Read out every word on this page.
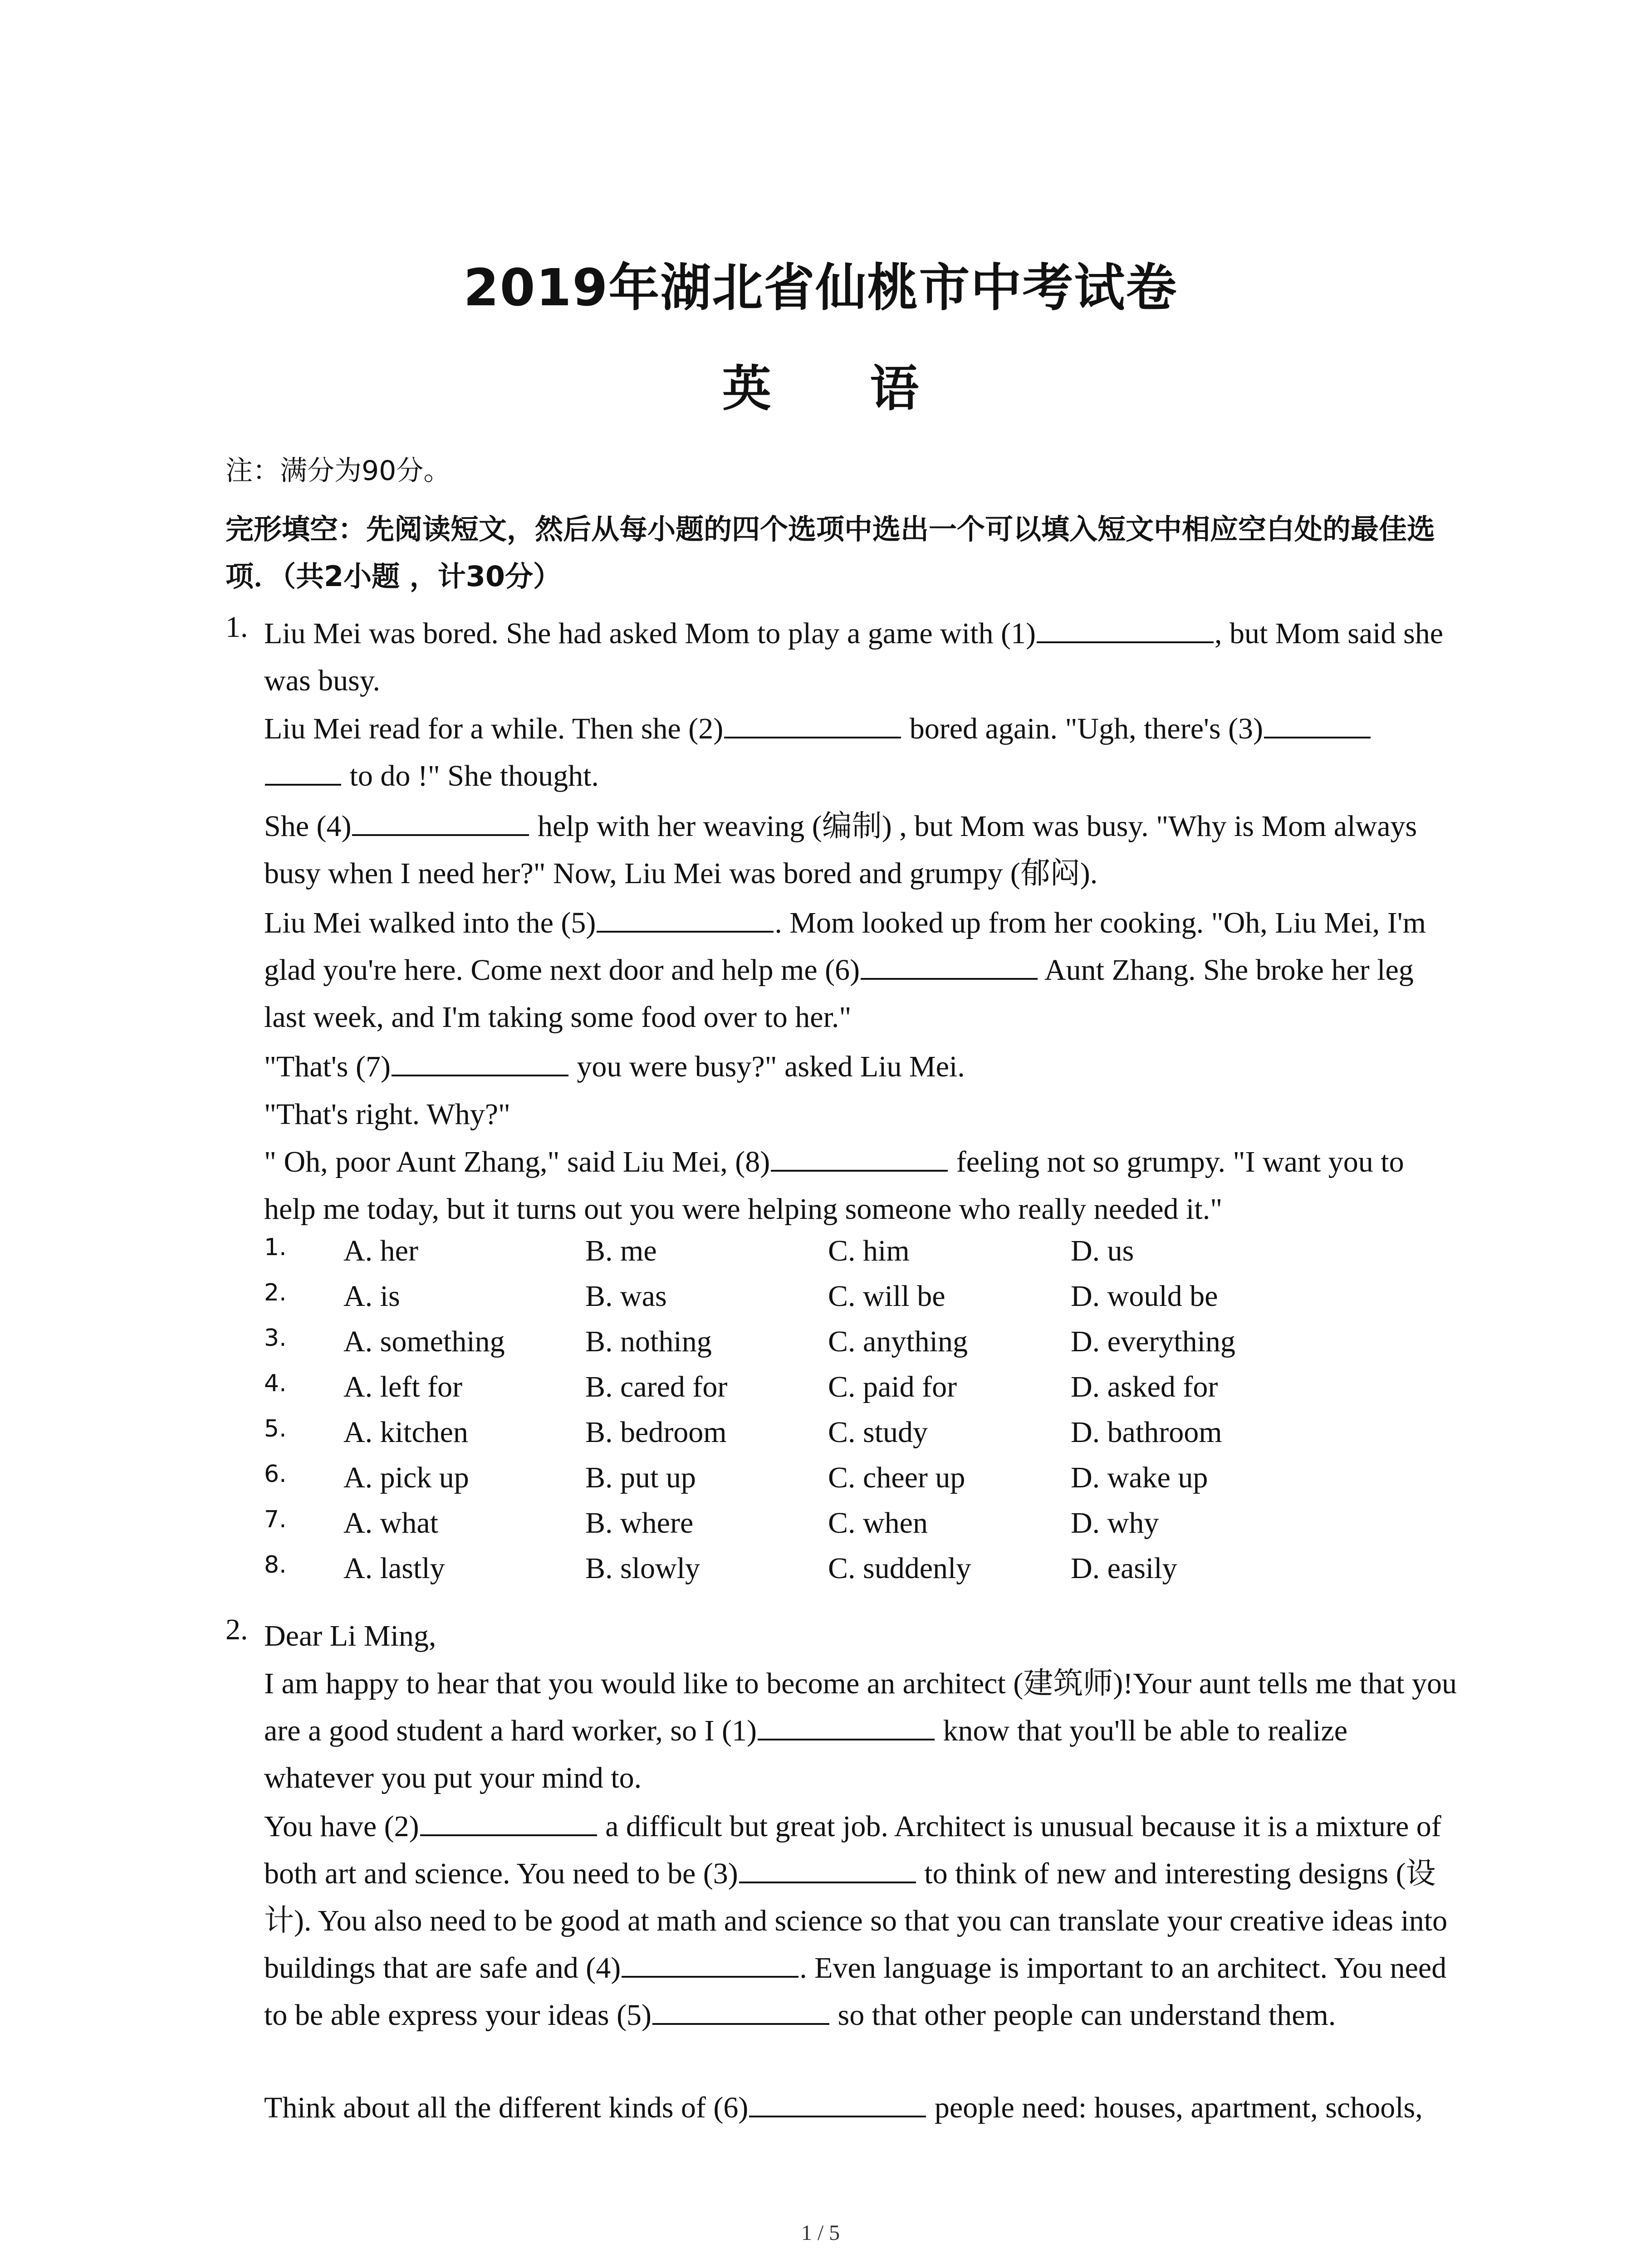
2019年湖北省仙桃市中考试卷
英 语
注：满分为90分。
完形填空：先阅读短文，然后从每小题的四个选项中选出一个可以填入短文中相应空白处的最佳选项．（共2小题 ，计30分）
1. Liu Mei was bored. She had asked Mom to play a game with (1)	, but Mom said she was busy.
Liu Mei read for a while. Then she (2)	bored again. "Ugh, there's (3)
to do !" She thought.
She (4)	help with her weaving (编制) , but Mom was busy. "Why is Mom always busy when I need her?" Now, Liu Mei was bored and grumpy (郁闷).
Liu Mei walked into the (5)	. Mom looked up from her cooking. "Oh, Liu Mei, I'm glad you're here. Come next door and help me (6)	Aunt Zhang. She broke her leg last week, and I'm taking some food over to her."
"That's (7)	you were busy?" asked Liu Mei.
"That's right. Why?"
" Oh, poor Aunt Zhang," said Liu Mei, (8)	feeling not so grumpy. "I want you to help me today, but it turns out you were helping someone who really needed it."
1. A. her	B. me	C. him	D. us
2. A. is	B. was	C. will be	D. would be
3. A. something	B. nothing	C. anything	D. everything
4. A. left for	B. cared for	C. paid for	D. asked for
5. A. kitchen	B. bedroom	C. study	D. bathroom
6. A. pick up	B. put up	C. cheer up	D. wake up
7. A. what	B. where	C. when	D. why
8. A. lastly	B. slowly	C. suddenly	D. easily
2. Dear Li Ming,
I am happy to hear that you would like to become an architect (建筑师)!Your aunt tells me that you are a good student a hard worker, so I (1)	know that you'll be able to realize whatever you put your mind to.
You have (2)	a difficult but great job. Architect is unusual because it is a mixture of both art and science. You need to be (3)	to think of new and interesting designs (设计). You also need to be good at math and science so that you can translate your creative ideas into buildings that are safe and (4)	. Even language is important to an architect. You need to be able express your ideas (5)	so that other people can understand them.
Think about all the different kinds of (6)	people need: houses, apartment, schools,
1 / 5
